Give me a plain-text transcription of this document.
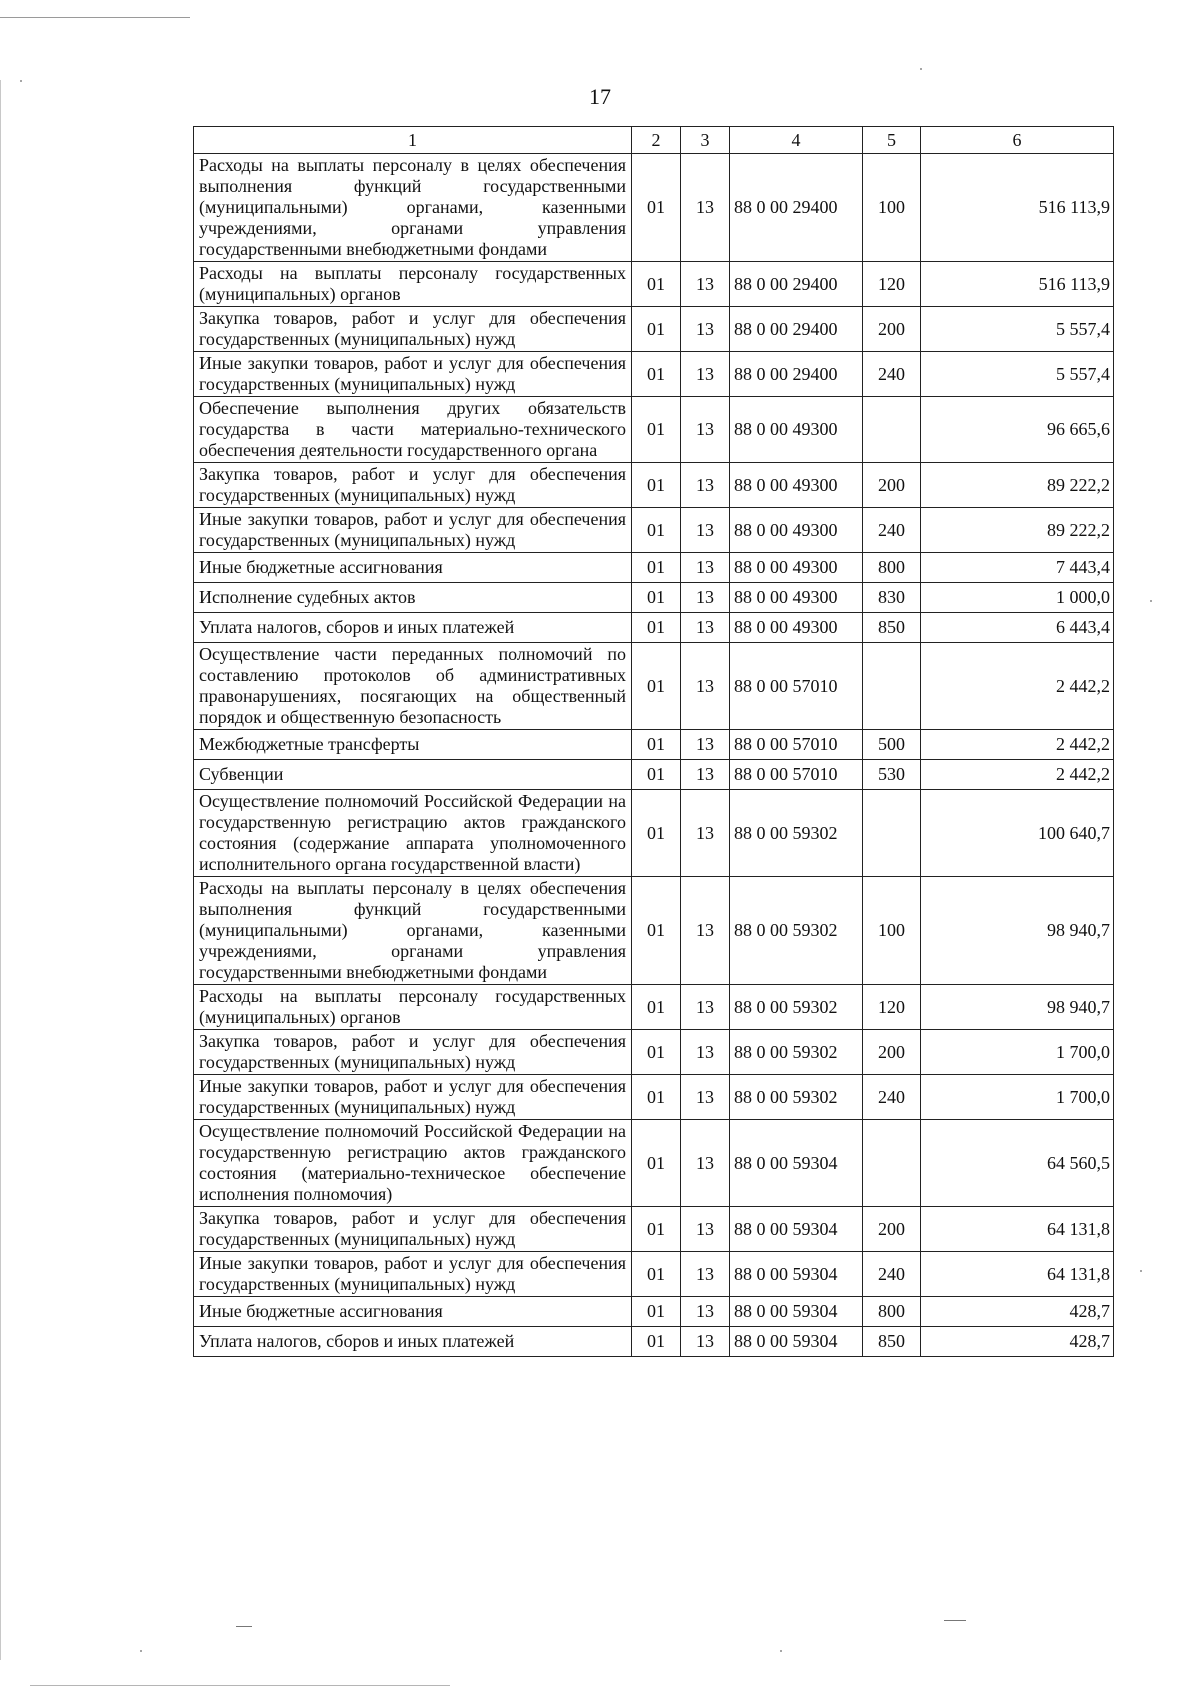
17
1	2	3	4	5	6
Расходы на выплаты персоналу в целях обеспечения выполнения функций государственными (муниципальными) органами, казенными учреждениями, органами управления государственными внебюджетными фондами	01	13	88 0 00 29400	100	516 113,9
Расходы на выплаты персоналу государственных (муниципальных) органов	01	13	88 0 00 29400	120	516 113,9
Закупка товаров, работ и услуг для обеспечения государственных (муниципальных) нужд	01	13	88 0 00 29400	200	5 557,4
Иные закупки товаров, работ и услуг для обеспечения государственных (муниципальных) нужд	01	13	88 0 00 29400	240	5 557,4
Обеспечение выполнения других обязательств государства в части материально-технического обеспечения деятельности государственного органа	01	13	88 0 00 49300		96 665,6
Закупка товаров, работ и услуг для обеспечения государственных (муниципальных) нужд	01	13	88 0 00 49300	200	89 222,2
Иные закупки товаров, работ и услуг для обеспечения государственных (муниципальных) нужд	01	13	88 0 00 49300	240	89 222,2
Иные бюджетные ассигнования	01	13	88 0 00 49300	800	7 443,4
Исполнение судебных актов	01	13	88 0 00 49300	830	1 000,0
Уплата налогов, сборов и иных платежей	01	13	88 0 00 49300	850	6 443,4
Осуществление части переданных полномочий по составлению протоколов об административных правонарушениях, посягающих на общественный порядок и общественную безопасность	01	13	88 0 00 57010		2 442,2
Межбюджетные трансферты	01	13	88 0 00 57010	500	2 442,2
Субвенции	01	13	88 0 00 57010	530	2 442,2
Осуществление полномочий Российской Федерации на государственную регистрацию актов гражданского состояния (содержание аппарата уполномоченного исполнительного органа государственной власти)	01	13	88 0 00 59302		100 640,7
Расходы на выплаты персоналу в целях обеспечения выполнения функций государственными (муниципальными) органами, казенными учреждениями, органами управления государственными внебюджетными фондами	01	13	88 0 00 59302	100	98 940,7
Расходы на выплаты персоналу государственных (муниципальных) органов	01	13	88 0 00 59302	120	98 940,7
Закупка товаров, работ и услуг для обеспечения государственных (муниципальных) нужд	01	13	88 0 00 59302	200	1 700,0
Иные закупки товаров, работ и услуг для обеспечения государственных (муниципальных) нужд	01	13	88 0 00 59302	240	1 700,0
Осуществление полномочий Российской Федерации на государственную регистрацию актов гражданского состояния (материально-техническое обеспечение исполнения полномочия)	01	13	88 0 00 59304		64 560,5
Закупка товаров, работ и услуг для обеспечения государственных (муниципальных) нужд	01	13	88 0 00 59304	200	64 131,8
Иные закупки товаров, работ и услуг для обеспечения государственных (муниципальных) нужд	01	13	88 0 00 59304	240	64 131,8
Иные бюджетные ассигнования	01	13	88 0 00 59304	800	428,7
Уплата налогов, сборов и иных платежей	01	13	88 0 00 59304	850	428,7
